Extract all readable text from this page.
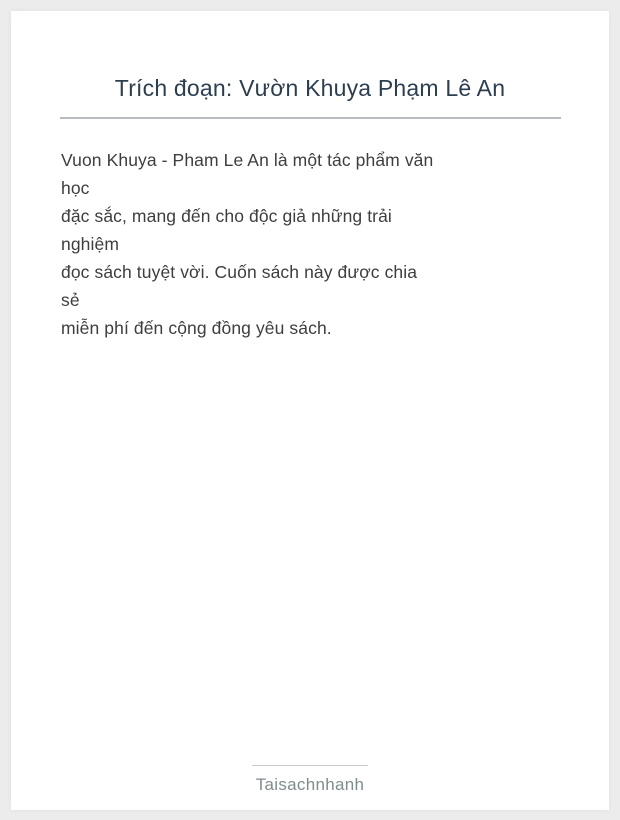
Trích đoạn: Vườn Khuya Phạm Lê An
Vuon Khuya - Pham Le An là một tác phẩm văn
học
đặc sắc, mang đến cho độc giả những trải
nghiệm
đọc sách tuyệt vời. Cuốn sách này được chia
sẻ
miễn phí đến cộng đồng yêu sách.
Taisachnhanh
